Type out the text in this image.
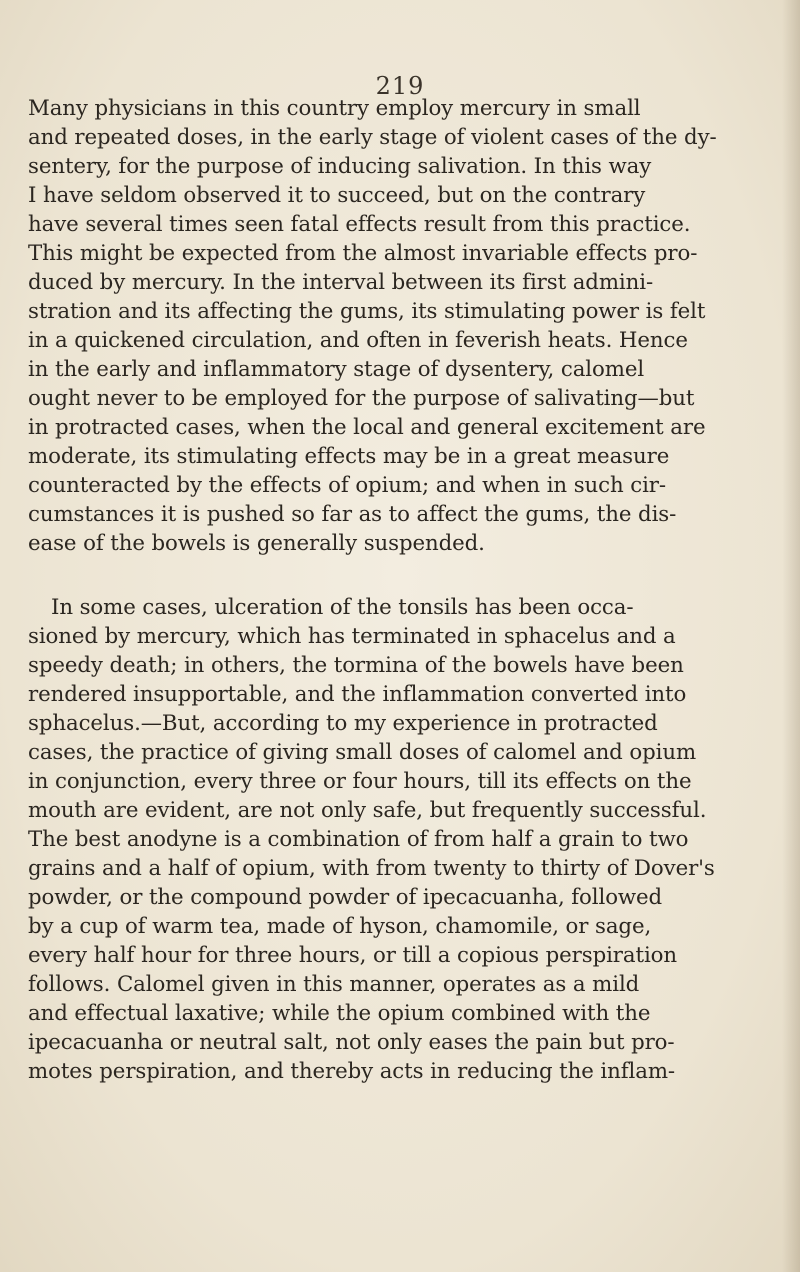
219
Many physicians in this country employ mercury in small
and repeated doses, in the early stage of violent cases of the dy-
sentery, for the purpose of inducing salivation. In this way
I have seldom observed it to succeed, but on the contrary
have several times seen fatal effects result from this practice.
This might be expected from the almost invariable effects pro-
duced by mercury. In the interval between its first admini-
stration and its affecting the gums, its stimulating power is felt
in a quickened circulation, and often in feverish heats. Hence
in the early and inflammatory stage of dysentery, calomel
ought never to be employed for the purpose of salivating—but
in protracted cases, when the local and general excitement are
moderate, its stimulating effects may be in a great measure
counteracted by the effects of opium; and when in such cir-
cumstances it is pushed so far as to affect the gums, the dis-
ease of the bowels is generally suspended.
In some cases, ulceration of the tonsils has been occa-
sioned by mercury, which has terminated in sphacelus and a
speedy death; in others, the tormina of the bowels have been
rendered insupportable, and the inflammation converted into
sphacelus.—But, according to my experience in protracted
cases, the practice of giving small doses of calomel and opium
in conjunction, every three or four hours, till its effects on the
mouth are evident, are not only safe, but frequently successful.
The best anodyne is a combination of from half a grain to two
grains and a half of opium, with from twenty to thirty of Dover's
powder, or the compound powder of ipecacuanha, followed
by a cup of warm tea, made of hyson, chamomile, or sage,
every half hour for three hours, or till a copious perspiration
follows. Calomel given in this manner, operates as a mild
and effectual laxative; while the opium combined with the
ipecacuanha or neutral salt, not only eases the pain but pro-
motes perspiration, and thereby acts in reducing the inflam-
